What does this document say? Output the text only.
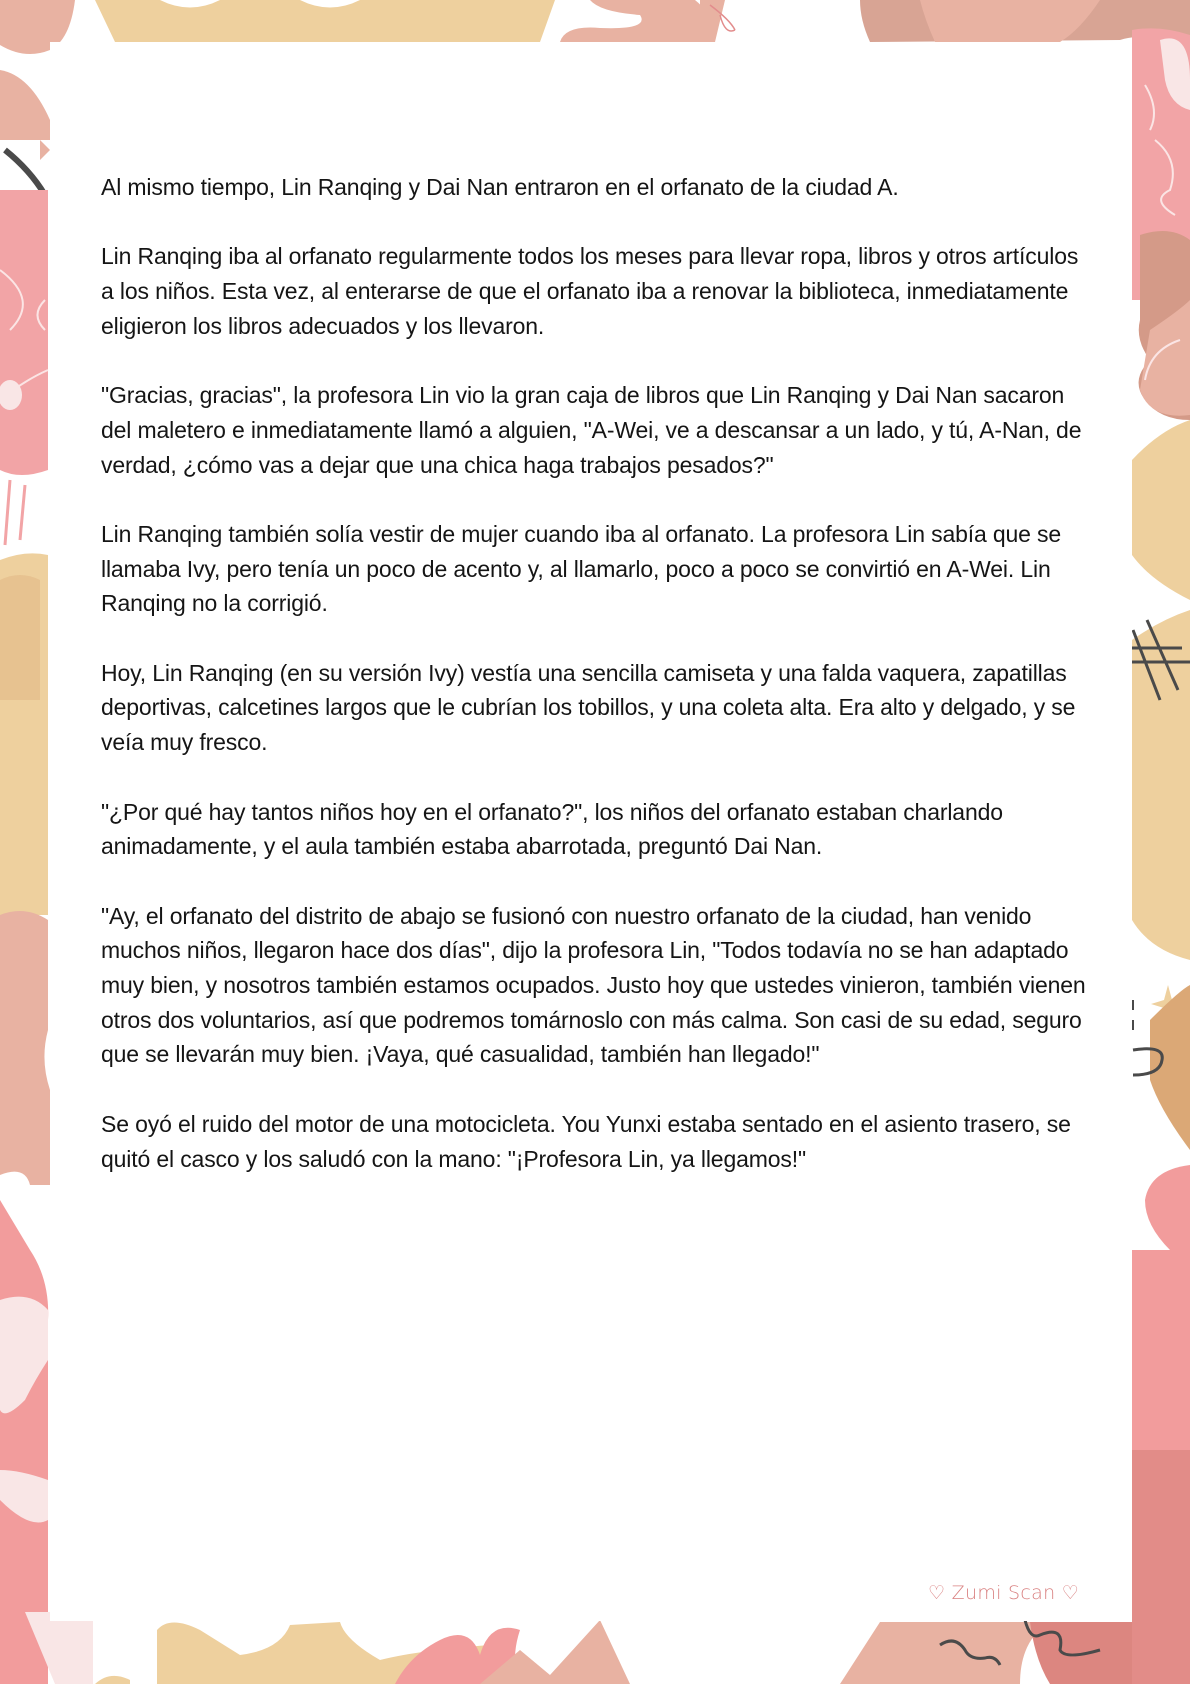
Al mismo tiempo, Lin Ranqing y Dai Nan entraron en el orfanato de la ciudad A.

Lin Ranqing iba al orfanato regularmente todos los meses para llevar ropa, libros y otros artículos a los niños. Esta vez, al enterarse de que el orfanato iba a renovar la biblioteca, inmediatamente eligieron los libros adecuados y los llevaron.

"Gracias, gracias", la profesora Lin vio la gran caja de libros que Lin Ranqing y Dai Nan sacaron del maletero e inmediatamente llamó a alguien, "A-Wei, ve a descansar a un lado, y tú, A-Nan, de verdad, ¿cómo vas a dejar que una chica haga trabajos pesados?"

Lin Ranqing también solía vestir de mujer cuando iba al orfanato. La profesora Lin sabía que se llamaba Ivy, pero tenía un poco de acento y, al llamarlo, poco a poco se convirtió en A-Wei. Lin Ranqing no la corrigió.

Hoy, Lin Ranqing (en su versión Ivy) vestía una sencilla camiseta y una falda vaquera, zapatillas deportivas, calcetines largos que le cubrían los tobillos, y una coleta alta. Era alto y delgado, y se veía muy fresco.

"¿Por qué hay tantos niños hoy en el orfanato?", los niños del orfanato estaban charlando animadamente, y el aula también estaba abarrotada, preguntó Dai Nan.

"Ay, el orfanato del distrito de abajo se fusionó con nuestro orfanato de la ciudad, han venido muchos niños, llegaron hace dos días", dijo la profesora Lin, "Todos todavía no se han adaptado muy bien, y nosotros también estamos ocupados. Justo hoy que ustedes vinieron, también vienen otros dos voluntarios, así que podremos tomárnoslo con más calma. Son casi de su edad, seguro que se llevarán muy bien. ¡Vaya, qué casualidad, también han llegado!"

Se oyó el ruido del motor de una motocicleta. You Yunxi estaba sentado en el asiento trasero, se quitó el casco y los saludó con la mano: "¡Profesora Lin, ya llegamos!"

♡ Zumi Scan ♡
